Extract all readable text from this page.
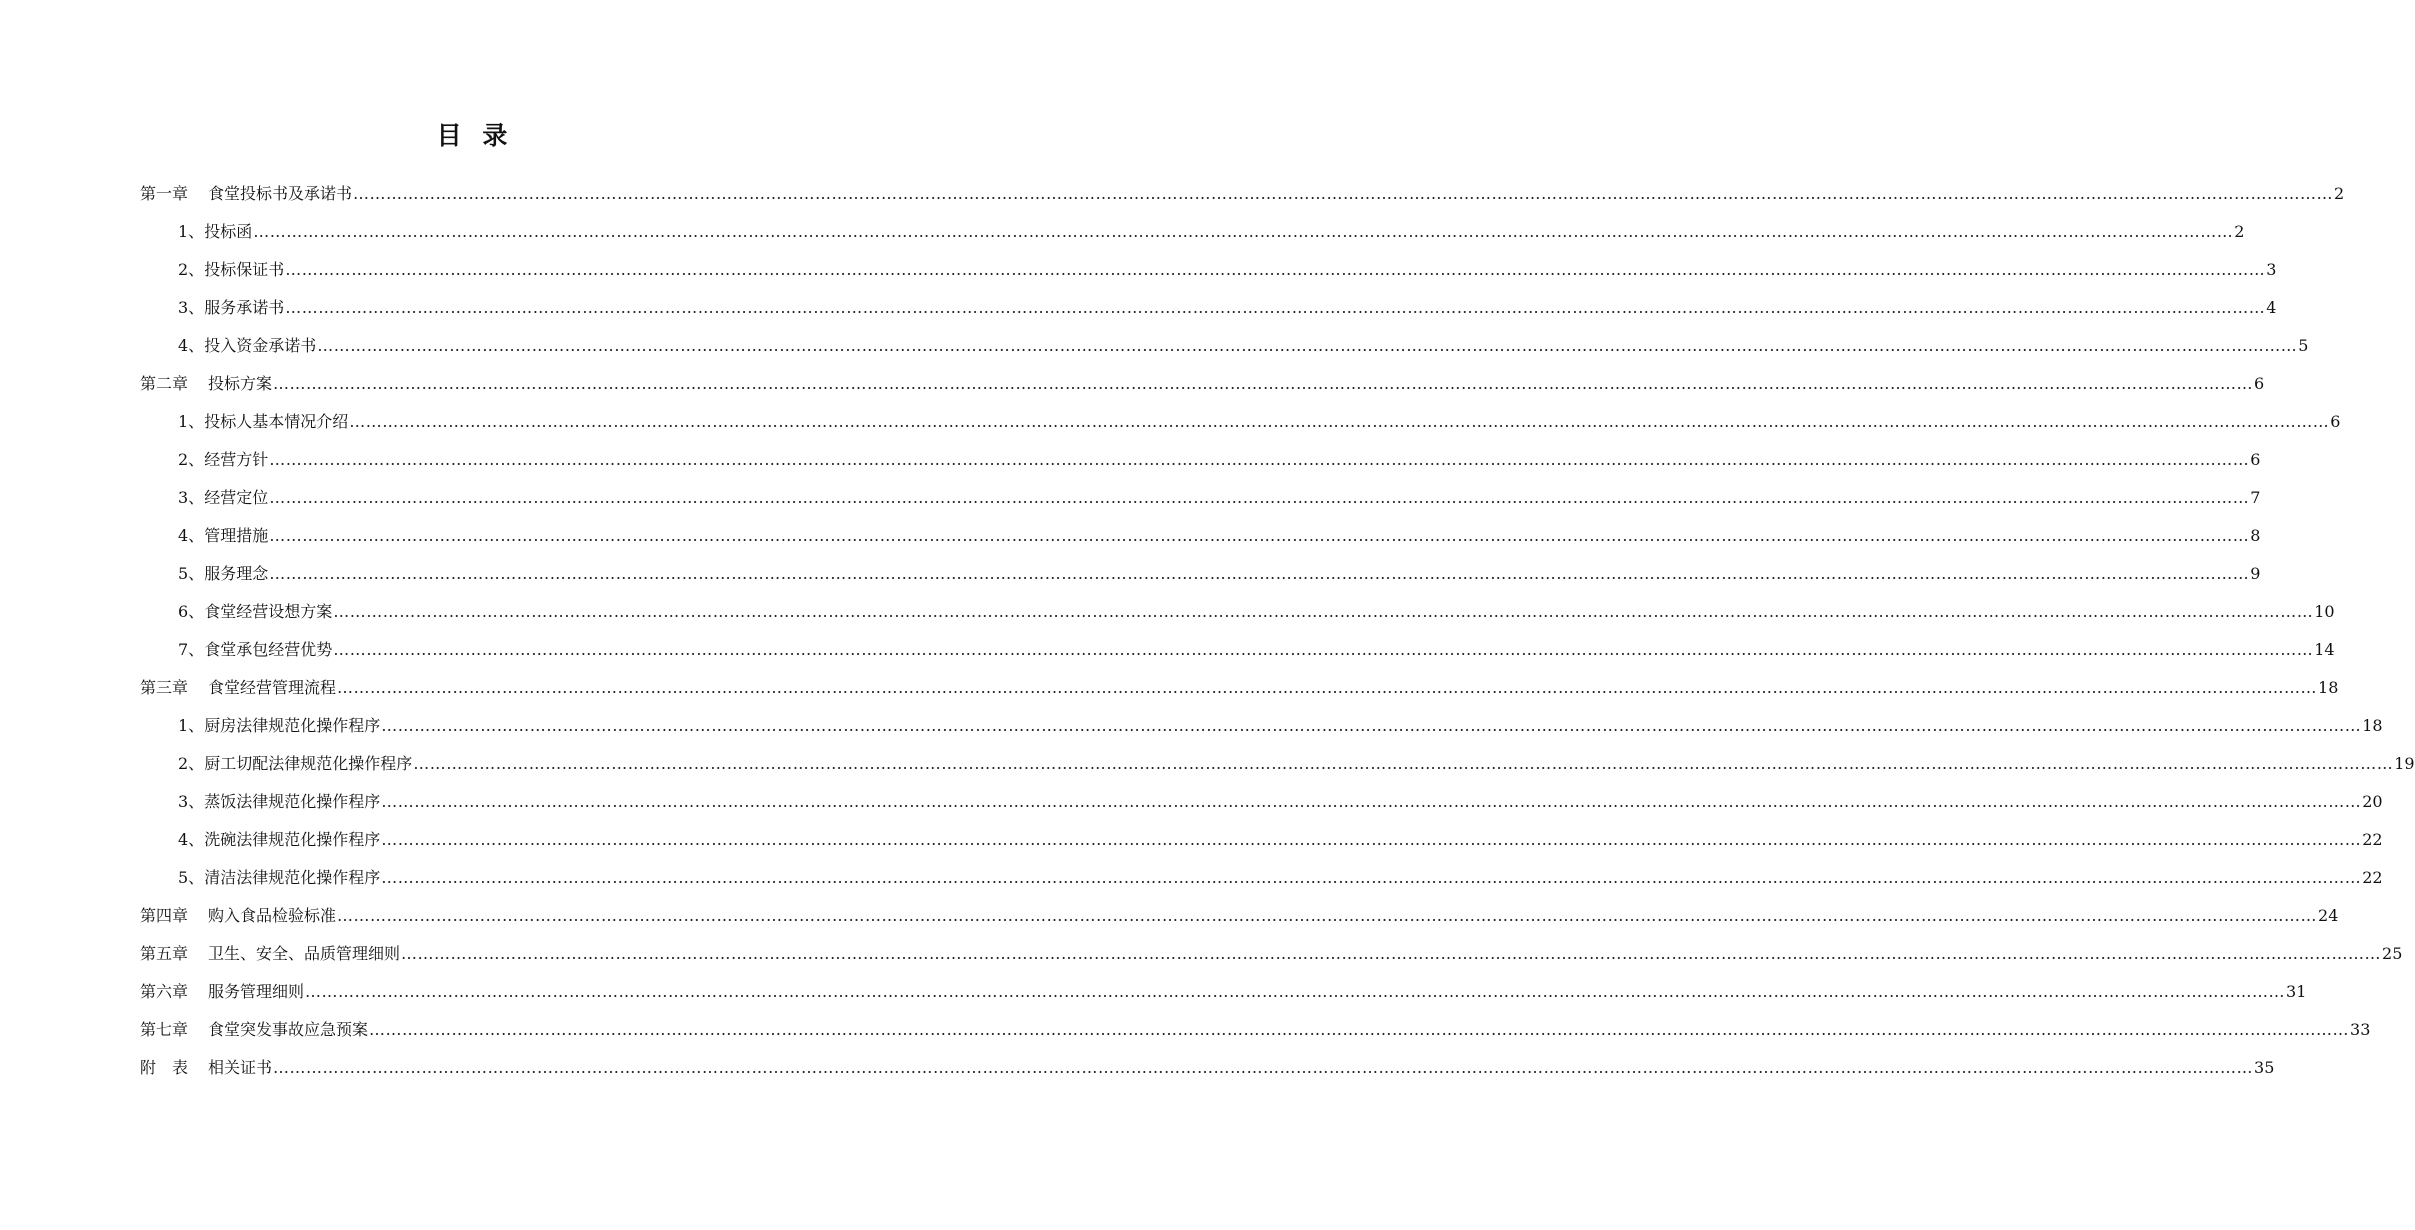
目 录
第一章 食堂投标书及承诺书 ……………………………………………………………………………………………………………………………………………………………………………………………………………………………………………………………………………………………………………………………… 2
1、投标函 ……………………………………………………………………………………………………………………………………………………………………………………………………………………………………………………………………………………………………………………………… 2
2、投标保证书 ……………………………………………………………………………………………………………………………………………………………………………………………………………………………………………………………………………………………………………………………… 3
3、服务承诺书 ……………………………………………………………………………………………………………………………………………………………………………………………………………………………………………………………………………………………………………………………… 4
4、投入资金承诺书 ……………………………………………………………………………………………………………………………………………………………………………………………………………………………………………………………………………………………………………………………… 5
第二章 投标方案 ……………………………………………………………………………………………………………………………………………………………………………………………………………………………………………………………………………………………………………………………… 6
1、投标人基本情况介绍 ……………………………………………………………………………………………………………………………………………………………………………………………………………………………………………………………………………………………………………………………… 6
2、经营方针 ……………………………………………………………………………………………………………………………………………………………………………………………………………………………………………………………………………………………………………………………… 6
3、经营定位 ……………………………………………………………………………………………………………………………………………………………………………………………………………………………………………………………………………………………………………………………… 7
4、管理措施 ……………………………………………………………………………………………………………………………………………………………………………………………………………………………………………………………………………………………………………………………… 8
5、服务理念 ……………………………………………………………………………………………………………………………………………………………………………………………………………………………………………………………………………………………………………………………… 9
6、食堂经营设想方案 ……………………………………………………………………………………………………………………………………………………………………………………………………………………………………………………………………………………………………………………………… 10
7、食堂承包经营优势 ……………………………………………………………………………………………………………………………………………………………………………………………………………………………………………………………………………………………………………………………… 14
第三章 食堂经营管理流程 ……………………………………………………………………………………………………………………………………………………………………………………………………………………………………………………………………………………………………………………………… 18
1、厨房法律规范化操作程序 ……………………………………………………………………………………………………………………………………………………………………………………………………………………………………………………………………………………………………………………………… 18
2、厨工切配法律规范化操作程序 ……………………………………………………………………………………………………………………………………………………………………………………………………………………………………………………………………………………………………………………………… 19
3、蒸饭法律规范化操作程序 ……………………………………………………………………………………………………………………………………………………………………………………………………………………………………………………………………………………………………………………………… 20
4、洗碗法律规范化操作程序 ……………………………………………………………………………………………………………………………………………………………………………………………………………………………………………………………………………………………………………………………… 22
5、清洁法律规范化操作程序 ……………………………………………………………………………………………………………………………………………………………………………………………………………………………………………………………………………………………………………………………… 22
第四章 购入食品检验标准 ……………………………………………………………………………………………………………………………………………………………………………………………………………………………………………………………………………………………………………………………… 24
第五章 卫生、安全、品质管理细则 ……………………………………………………………………………………………………………………………………………………………………………………………………………………………………………………………………………………………………………………………… 25
第六章 服务管理细则 ……………………………………………………………………………………………………………………………………………………………………………………………………………………………………………………………………………………………………………………………… 31
第七章 食堂突发事故应急预案 ……………………………………………………………………………………………………………………………………………………………………………………………………………………………………………………………………………………………………………………………… 33
附　表 相关证书 ……………………………………………………………………………………………………………………………………………………………………………………………………………………………………………………………………………………………………………………………… 35
